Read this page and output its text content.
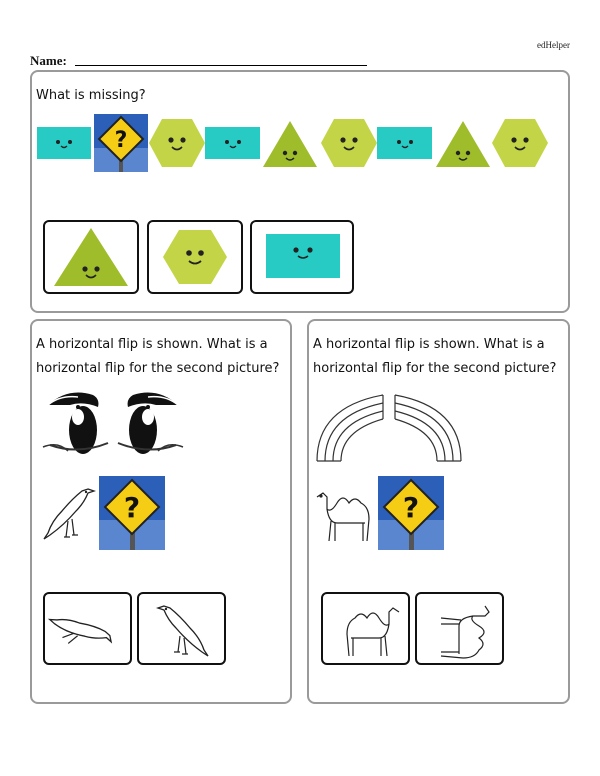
edHelper
Name:

What is missing?

?

A horizontal flip is shown. What is a

horizontal flip for the second picture?

?

A horizontal flip is shown. What is a

horizontal flip for the second picture?

?
